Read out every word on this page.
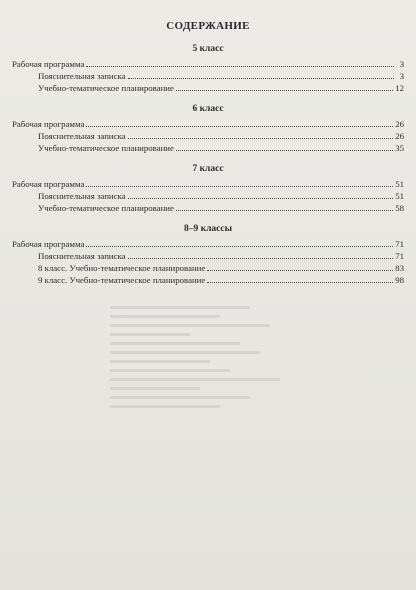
СОДЕРЖАНИЕ
5 класс
Рабочая программа	3
Пояснительная записка	3
Учебно-тематическое планирование	12
6 класс
Рабочая программа	26
Пояснительная записка	26
Учебно-тематическое планирование	35
7 класс
Рабочая программа	51
Пояснительная записка	51
Учебно-тематическое планирование	58
8–9 классы
Рабочая программа	71
Пояснительная записка	71
8 класс. Учебно-тематическое планирование	83
9 класс. Учебно-тематическое планирование	98
